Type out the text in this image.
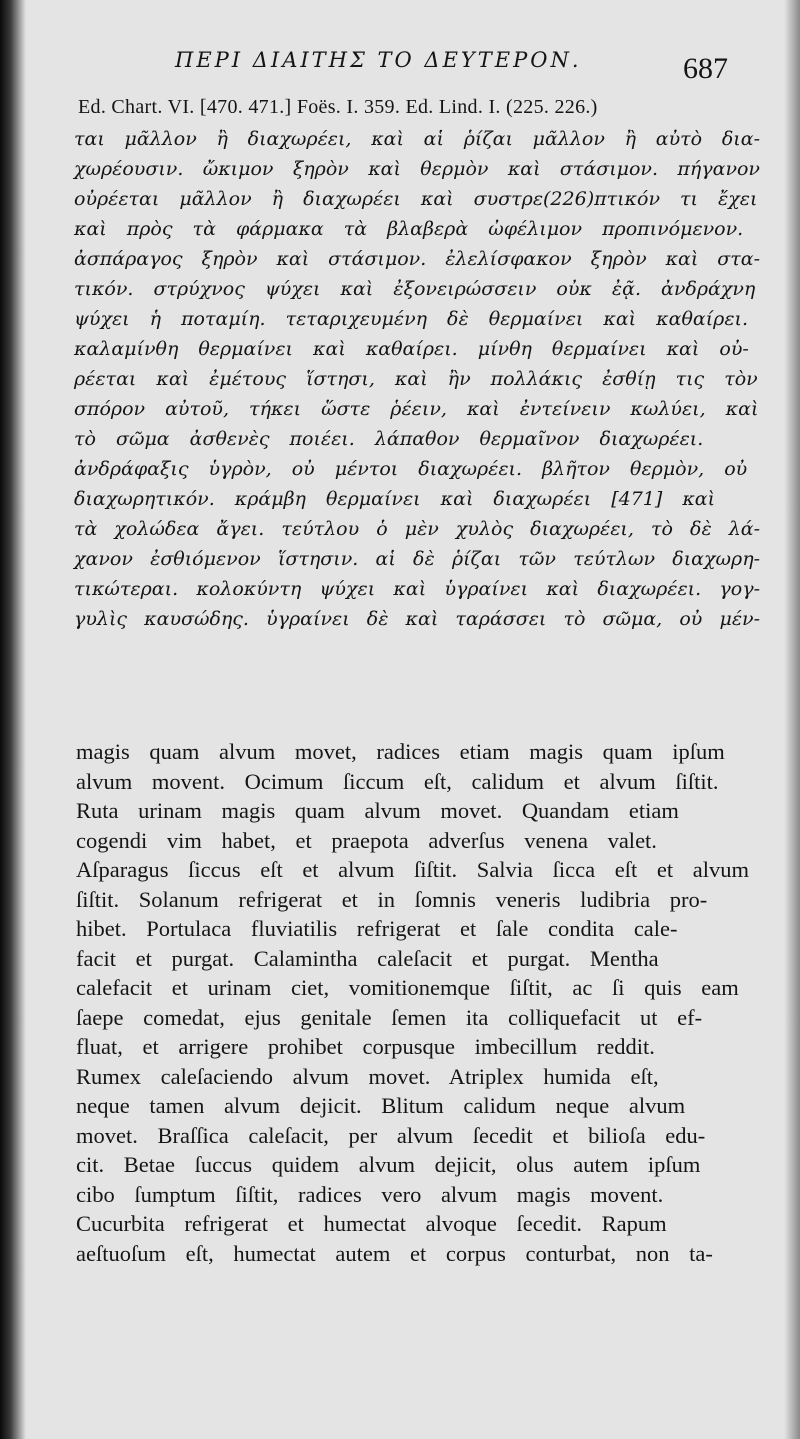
ΠΕΡΙ ΔΙΑΙΤΗΣ ΤΟ ΔΕΥΤΕΡΟΝ.	687
Ed. Chart. VI. [470. 471.] Foës. I. 359. Ed. Lind. I. (225. 226.)
ται μᾶλλον ἢ διαχωρέει, καὶ αἱ ῥίζαι μᾶλλον ἢ αὐτὸ δια-
χωρέουσιν. ὤκιμον ξηρὸν καὶ θερμὸν καὶ στάσιμον. πήγανον
οὐρέεται μᾶλλον ἢ διαχωρέει καὶ συστρε(226)πτικόν τι ἔχει
καὶ πρὸς τὰ φάρμακα τὰ βλαβερὰ ὠφέλιμον προπινόμενον.
ἀσπάραγος ξηρὸν καὶ στάσιμον. ἐλελίσφακον ξηρὸν καὶ στα-
τικόν. στρύχνος ψύχει καὶ ἐξονειρώσσειν οὐκ ἐᾷ. ἀνδράχνη
ψύχει ἡ ποταμίη. τεταριχευμένη δὲ θερμαίνει καὶ καθαίρει.
καλαμίνθη θερμαίνει καὶ καθαίρει. μίνθη θερμαίνει καὶ οὐ-
ρέεται καὶ ἐμέτους ἵστησι, καὶ ἢν πολλάκις ἐσθίῃ τις τὸν
σπόρον αὐτοῦ, τήκει ὥστε ῥέειν, καὶ ἐντείνειν κωλύει, καὶ
τὸ σῶμα ἀσθενὲς ποιέει. λάπαθον θερμαῖνον διαχωρέει.
ἀνδράφαξις ὑγρὸν, οὐ μέντοι διαχωρέει. βλῆτον θερμὸν, οὐ
διαχωρητικόν. κράμβη θερμαίνει καὶ διαχωρέει [471] καὶ
τὰ χολώδεα ἄγει. τεύτλου ὁ μὲν χυλὸς διαχωρέει, τὸ δὲ λά-
χανον ἐσθιόμενον ἵστησιν. αἱ δὲ ῥίζαι τῶν τεύτλων διαχωρη-
τικώτεραι. κολοκύντη ψύχει καὶ ὑγραίνει καὶ διαχωρέει. γογ-
γυλὶς καυσώδης. ὑγραίνει δὲ καὶ ταράσσει τὸ σῶμα, οὐ μέν-
magis quam alvum movet, radices etiam magis quam ipſum
alvum movent. Ocimum ſiccum eſt, calidum et alvum ſiſtit.
Ruta urinam magis quam alvum movet. Quandam etiam
cogendi vim habet, et praepota adverſus venena valet.
Aſparagus ſiccus eſt et alvum ſiſtit. Salvia ſicca eſt et alvum
ſiſtit. Solanum refrigerat et in ſomnis veneris ludibria pro-
hibet. Portulaca fluviatilis refrigerat et ſale condita cale-
facit et purgat. Calamintha caleſacit et purgat. Mentha
calefacit et urinam ciet, vomitionemque ſiſtit, ac ſi quis eam
ſaepe comedat, ejus genitale ſemen ita colliquefacit ut ef-
fluat, et arrigere prohibet corpusque imbecillum reddit.
Rumex caleſaciendo alvum movet. Atriplex humida eſt,
neque tamen alvum dejicit. Blitum calidum neque alvum
movet. Braſſica caleſacit, per alvum ſecedit et bilioſa edu-
cit. Betae ſuccus quidem alvum dejicit, olus autem ipſum
cibo ſumptum ſiſtit, radices vero alvum magis movent.
Cucurbita refrigerat et humectat alvoque ſecedit. Rapum
aeſtuoſum eſt, humectat autem et corpus conturbat, non ta-
